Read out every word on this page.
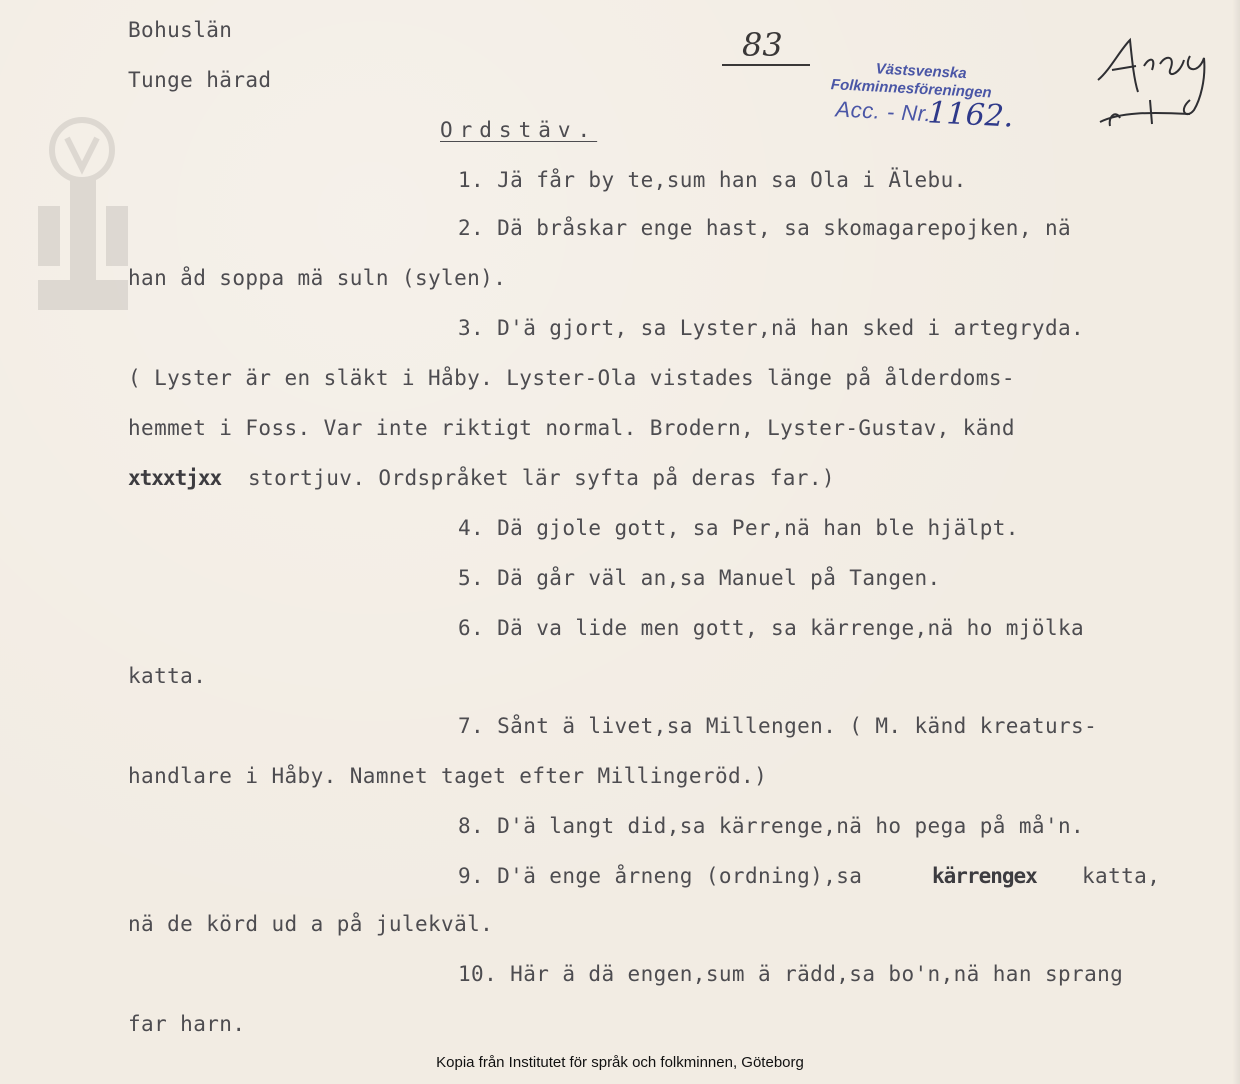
Bohuslän
Tunge härad
83
Västsvenska
Folkminnesföreningen
Acc. - Nr.
1162.
Ordstäv.
1. Jä får by te,sum han sa Ola i Älebu.
2. Dä bråskar enge hast, sa skomagarepojken, nä
han åd soppa mä suln (sylen).
3. D'ä gjort, sa Lyster,nä han sked i artegryda.
( Lyster är en släkt i Håby. Lyster-Ola vistades länge på ålderdoms-
hemmet i Foss. Var inte riktigt normal. Brodern, Lyster-Gustav, känd
xtxxtjxx stortjuv. Ordspråket lär syfta på deras far.)
4. Dä gjole gott, sa Per,nä han ble hjälpt.
5. Dä går väl an,sa Manuel på Tangen.
6. Dä va lide men gott, sa kärrenge,nä ho mjölka
katta.
7. Sånt ä livet,sa Millengen. ( M. känd kreaturs-
handlare i Håby. Namnet taget efter Millingeröd.)
8. D'ä langt did,sa kärrenge,nä ho pega på må'n.
9. D'ä enge årneng (ordning),sa	kärrengex katta,
nä de körd ud a på julekväl.
10. Här ä dä engen,sum ä rädd,sa bo'n,nä han sprang
far harn.
Kopia från Institutet för språk och folkminnen, Göteborg
